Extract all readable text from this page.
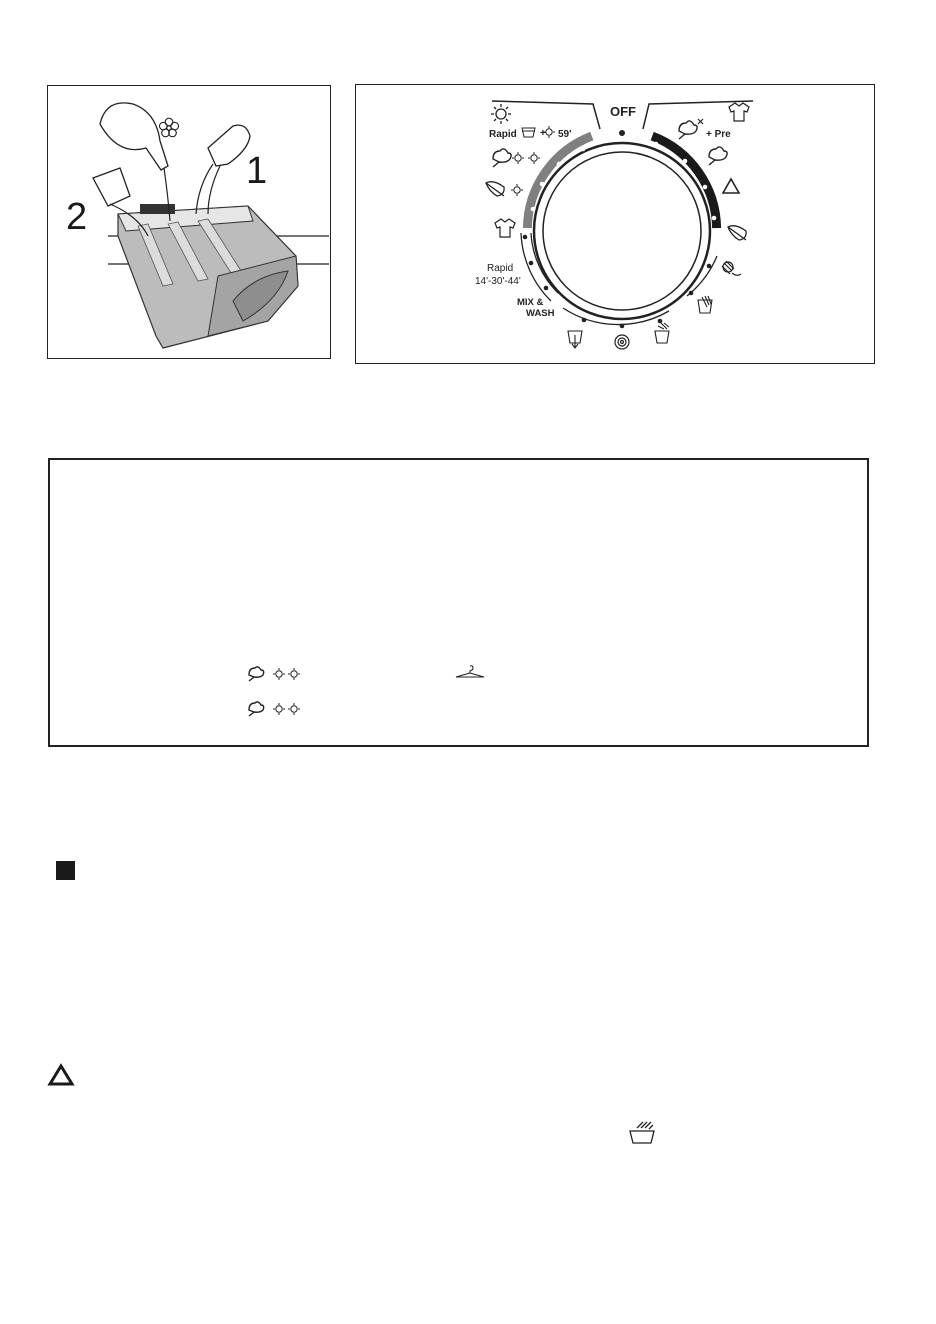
1
2
+
OFF
Rapid	59'	+ Pre
Rapid
14'-30'-44'
MIX &
WASH
